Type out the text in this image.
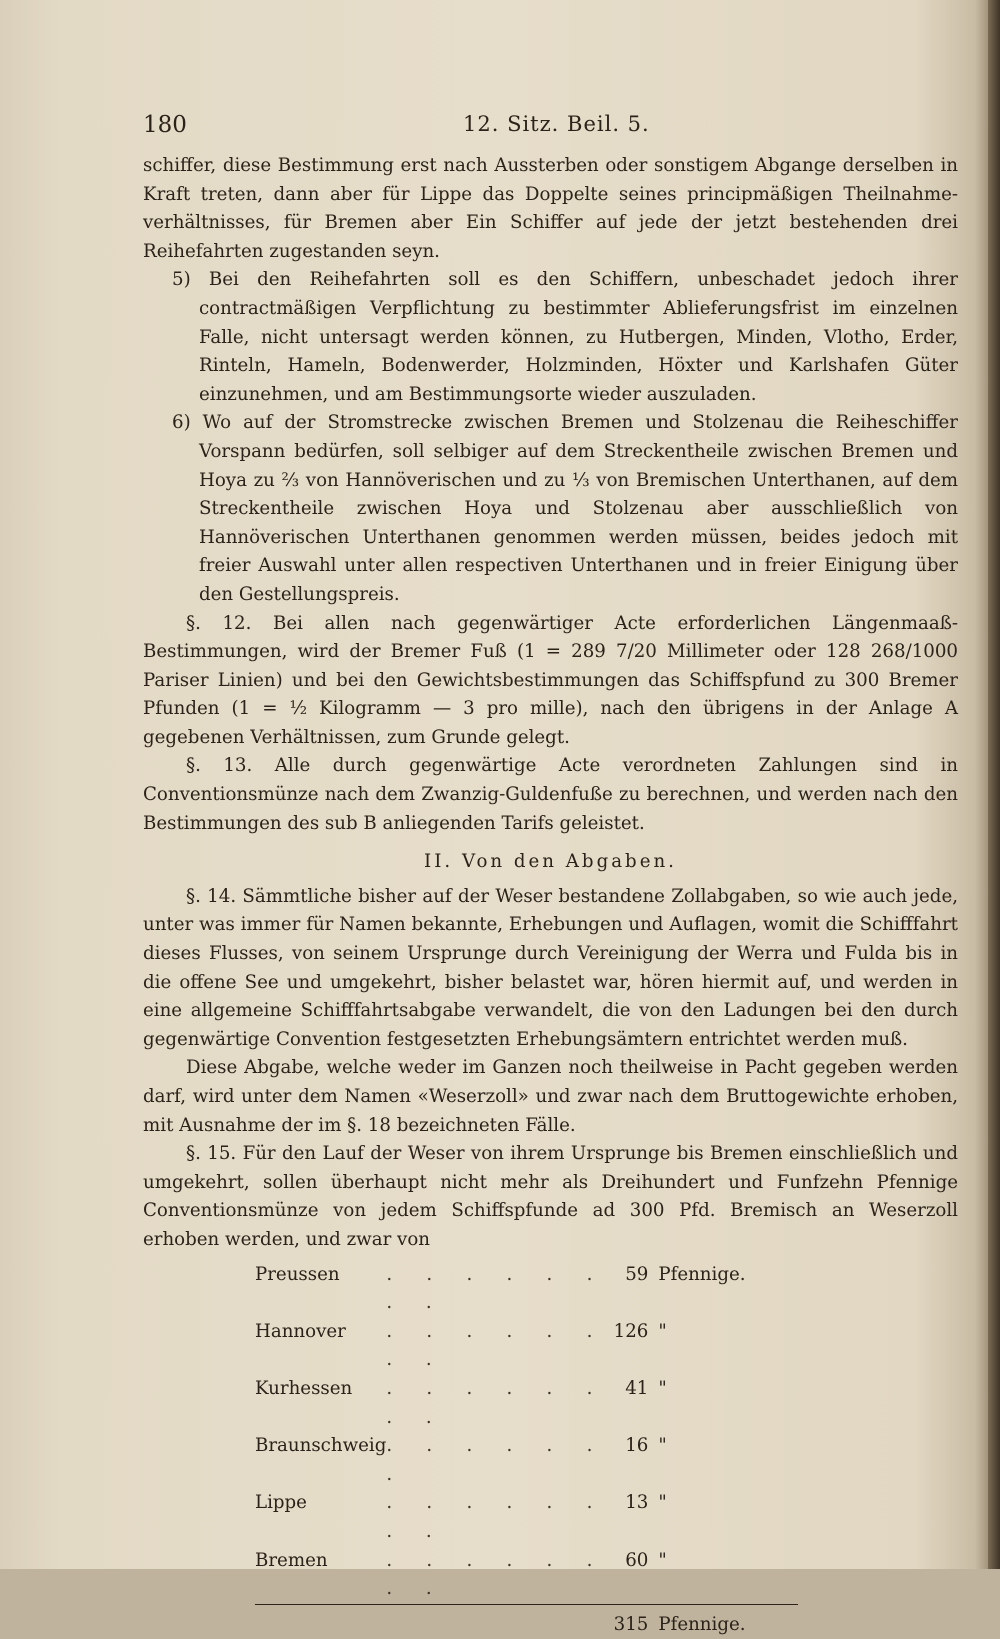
180	12. Sitz. Beil. 5.

schiffer, diese Bestimmung erst nach Aussterben oder sonstigem Abgange derselben in Kraft treten, dann aber für Lippe das Doppelte seines principmäßigen Theilnahme-verhältnisses, für Bremen aber Ein Schiffer auf jede der jetzt bestehenden drei Reihefahrten zugestanden seyn.

5) Bei den Reihefahrten soll es den Schiffern, unbeschadet jedoch ihrer contractmäßigen Verpflichtung zu bestimmter Ablieferungsfrist im einzelnen Falle, nicht untersagt werden können, zu Hutbergen, Minden, Vlotho, Erder, Rinteln, Hameln, Bodenwerder, Holzminden, Höxter und Karlshafen Güter einzunehmen, und am Bestimmungsorte wieder auszuladen.

6) Wo auf der Stromstrecke zwischen Bremen und Stolzenau die Reiheschiffer Vorspann bedürfen, soll selbiger auf dem Streckentheile zwischen Bremen und Hoya zu ⅔ von Hannöverischen und zu ⅓ von Bremischen Unterthanen, auf dem Streckentheile zwischen Hoya und Stolzenau aber ausschließlich von Hannöverischen Unterthanen genommen werden müssen, beides jedoch mit freier Auswahl unter allen respectiven Unterthanen und in freier Einigung über den Gestellungspreis.

§. 12. Bei allen nach gegenwärtiger Acte erforderlichen Längenmaaß-Bestimmungen, wird der Bremer Fuß (1 = 289 7/20 Millimeter oder 128 268/1000 Pariser Linien) und bei den Gewichtsbestimmungen das Schiffspfund zu 300 Bremer Pfunden (1 = ½ Kilogramm — 3 pro mille), nach den übrigens in der Anlage A gegebenen Verhältnissen, zum Grunde gelegt.

§. 13. Alle durch gegenwärtige Acte verordneten Zahlungen sind in Conventionsmünze nach dem Zwanzig-Guldenfuße zu berechnen, und werden nach den Bestimmungen des sub B anliegenden Tarifs geleistet.

II. Von den Abgaben.

§. 14. Sämmtliche bisher auf der Weser bestandene Zollabgaben, so wie auch jede, unter was immer für Namen bekannte, Erhebungen und Auflagen, womit die Schifffahrt dieses Flusses, von seinem Ursprunge durch Vereinigung der Werra und Fulda bis in die offene See und umgekehrt, bisher belastet war, hören hiermit auf, und werden in eine allgemeine Schifffahrtsabgabe verwandelt, die von den Ladungen bei den durch gegenwärtige Convention festgesetzten Erhebungsämtern entrichtet werden muß.

Diese Abgabe, welche weder im Ganzen noch theilweise in Pacht gegeben werden darf, wird unter dem Namen «Weserzoll» und zwar nach dem Bruttogewichte erhoben, mit Ausnahme der im §. 18 bezeichneten Fälle.

§. 15. Für den Lauf der Weser von ihrem Ursprunge bis Bremen einschließlich und umgekehrt, sollen überhaupt nicht mehr als Dreihundert und Funfzehn Pfennige Conventionsmünze von jedem Schiffspfunde ad 300 Pfd. Bremisch an Weserzoll erhoben werden, und zwar von

Preussen	. . . . . . . .	59	Pfennige.
Hannover	. . . . . . . .	126	"
Kurhessen	. . . . . . . .	41	"
Braunschweig	. . . . . . .	16	"
Lippe	. . . . . . . .	13	"
Bremen	. . . . . . . .	60	"
		315	Pfennige.
